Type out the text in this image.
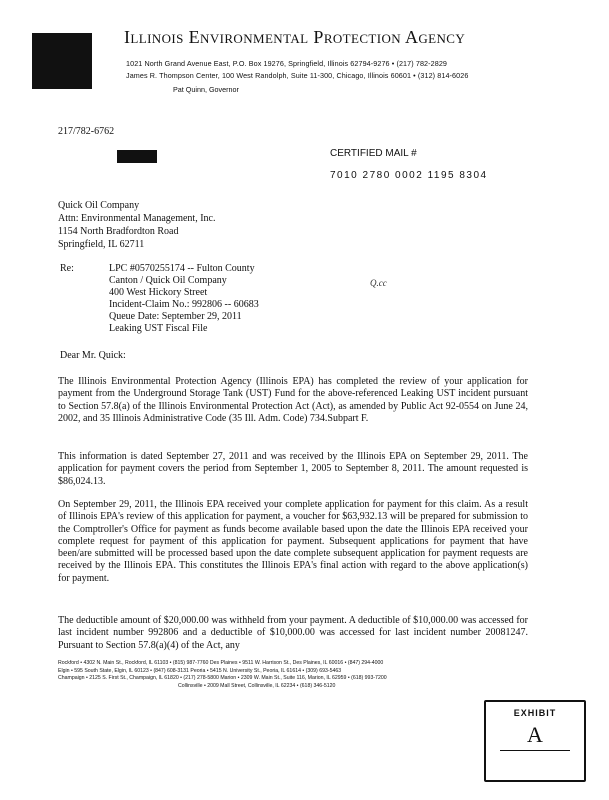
Illinois Environmental Protection Agency
1021 North Grand Avenue East, P.O. Box 19276, Springfield, Illinois 62794-9276 • (217) 782-2829
James R. Thompson Center, 100 West Randolph, Suite 11-300, Chicago, Illinois 60601 • (312) 814-6026
Pat Quinn, Governor
217/782-6762
CERTIFIED MAIL #
7010 2780 0002 1195 8304
Quick Oil Company
Attn: Environmental Management, Inc.
1154 North Bradfordton Road
Springfield, IL 62711
Re:	LPC #0570255174 -- Fulton County
Canton / Quick Oil Company
400 West Hickory Street
Incident-Claim No.: 992806 -- 60683
Queue Date: September 29, 2011
Leaking UST Fiscal File
Q.cc
Dear Mr. Quick:
The Illinois Environmental Protection Agency (Illinois EPA) has completed the review of your application for payment from the Underground Storage Tank (UST) Fund for the above-referenced Leaking UST incident pursuant to Section 57.8(a) of the Illinois Environmental Protection Act (Act), as amended by Public Act 92-0554 on June 24, 2002, and 35 Illinois Administrative Code (35 Ill. Adm. Code) 734.Subpart F.
This information is dated September 27, 2011 and was received by the Illinois EPA on September 29, 2011. The application for payment covers the period from September 1, 2005 to September 8, 2011. The amount requested is $86,024.13.
On September 29, 2011, the Illinois EPA received your complete application for payment for this claim. As a result of Illinois EPA's review of this application for payment, a voucher for $63,932.13 will be prepared for submission to the Comptroller's Office for payment as funds become available based upon the date the Illinois EPA received your complete request for payment of this application for payment. Subsequent applications for payment that have been/are submitted will be processed based upon the date complete subsequent application for payment requests are received by the Illinois EPA. This constitutes the Illinois EPA's final action with regard to the above application(s) for payment.
The deductible amount of $20,000.00 was withheld from your payment. A deductible of $10,000.00 was accessed for last incident number 992806 and a deductible of $10,000.00 was accessed for last incident number 20081247. Pursuant to Section 57.8(a)(4) of the Act, any
Rockford • 4302 N. Main St., Rockford, IL 61103 • (815) 987-7760 Des Plaines • 9511 W. Harrison St., Des Plaines, IL 60016 • (847) 294-4000
Elgin • 595 South State, Elgin, IL 60123 • (847) 608-3131 Peoria • 5415 N. University St., Peoria, IL 61614 • (309) 693-5463
Champaign • 2125 S. First St., Champaign, IL 61820 • (217) 278-5800 Marion • 2309 W. Main St., Suite 116, Marion, IL 62959 • (618) 993-7200
Collinsville • 2009 Mall Street, Collinsville, IL 62234 • (618) 346-5120
EXHIBIT
A
